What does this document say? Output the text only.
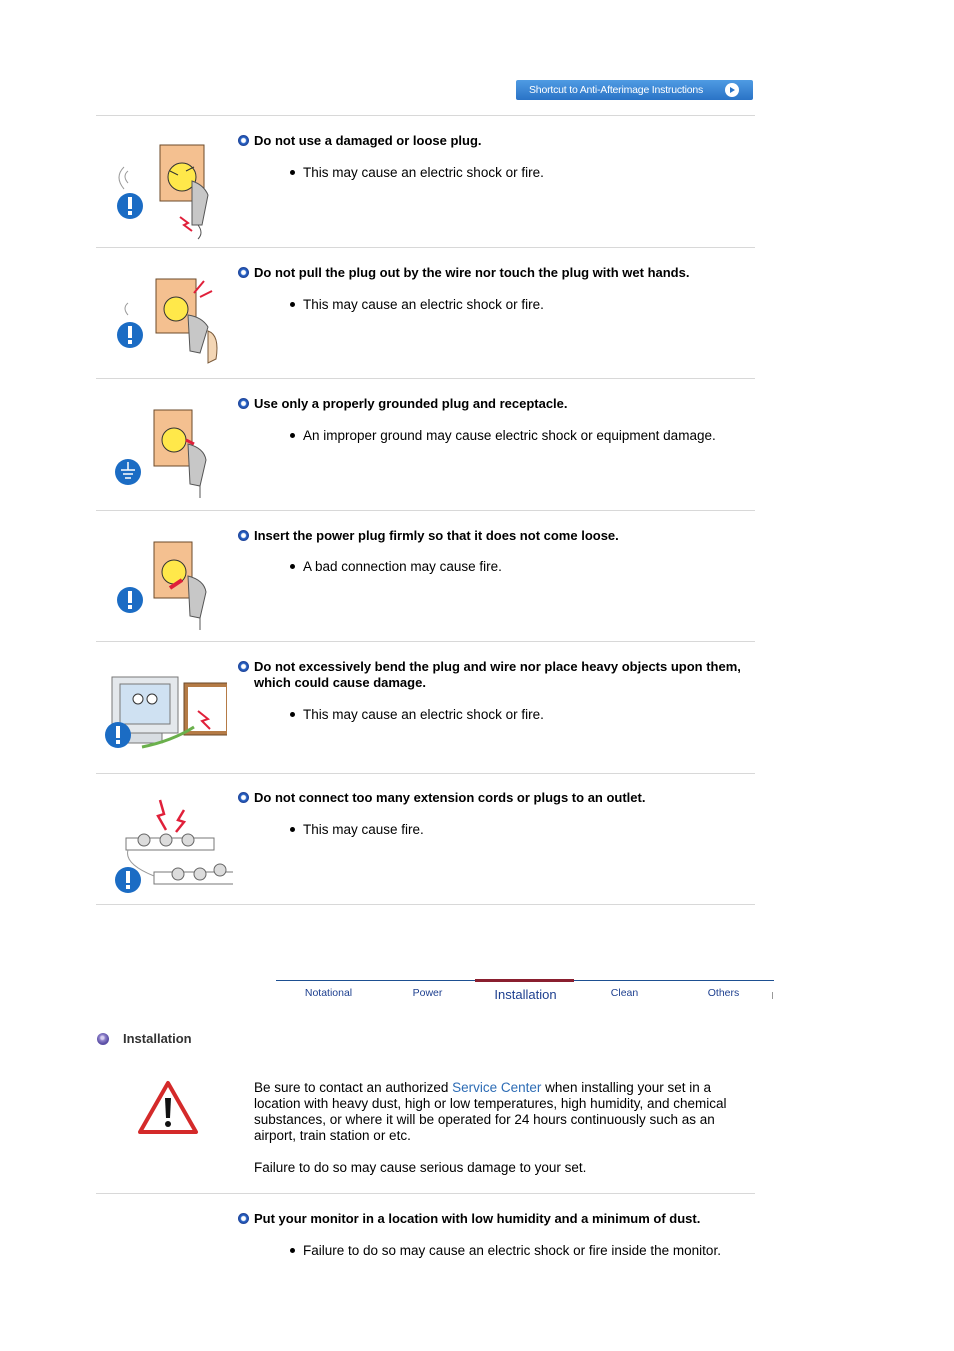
Shortcut to Anti-Afterimage Instructions
Do not use a damaged or loose plug.
This may cause an electric shock or fire.
Do not pull the plug out by the wire nor touch the plug with wet hands.
This may cause an electric shock or fire.
Use only a properly grounded plug and receptacle.
An improper ground may cause electric shock or equipment damage.
Insert the power plug firmly so that it does not come loose.
A bad connection may cause fire.
Do not excessively bend the plug and wire nor place heavy objects upon them, which could cause damage.
This may cause an electric shock or fire.
Do not connect too many extension cords or plugs to an outlet.
This may cause fire.
Notational	Power	Installation	Clean	Others
Installation
Be sure to contact an authorized Service Center when installing your set in a location with heavy dust, high or low temperatures, high humidity, and chemical substances, or where it will be operated for 24 hours continuously such as an airport, train station or etc.
Failure to do so may cause serious damage to your set.
Put your monitor in a location with low humidity and a minimum of dust.
Failure to do so may cause an electric shock or fire inside the monitor.
